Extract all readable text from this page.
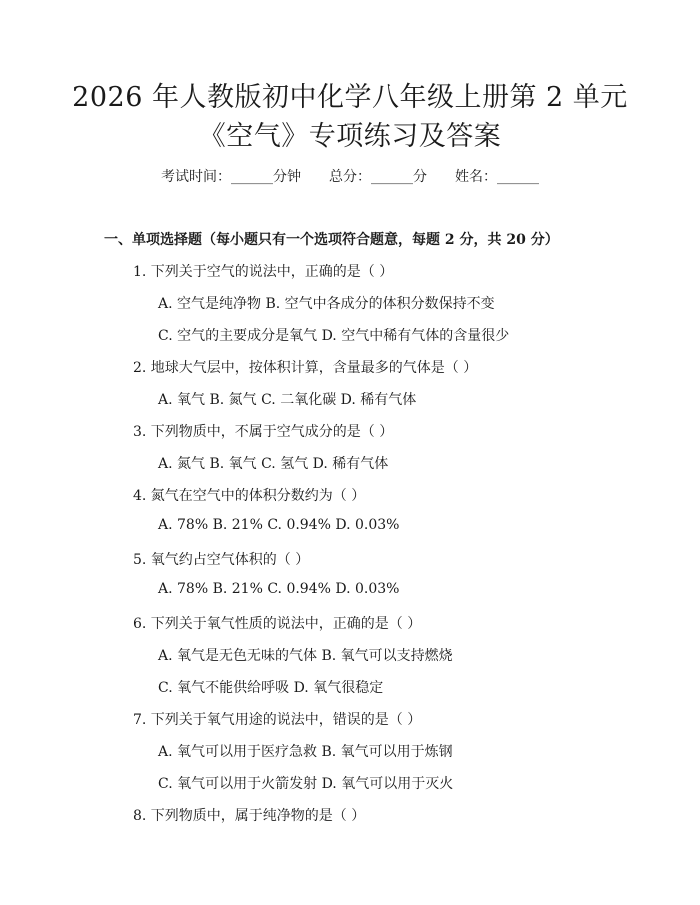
2026 年人教版初中化学八年级上册第 2 单元
《空气》专项练习及答案
考试时间：______分钟 总分：______分 姓名：______
一、单项选择题（每小题只有一个选项符合题意，每题 2 分，共 20 分）
1. 下列关于空气的说法中，正确的是（ ）
A. 空气是纯净物 B. 空气中各成分的体积分数保持不变
C. 空气的主要成分是氧气 D. 空气中稀有气体的含量很少
2. 地球大气层中，按体积计算，含量最多的气体是（ ）
A. 氧气 B. 氮气 C. 二氧化碳 D. 稀有气体
3. 下列物质中，不属于空气成分的是（ ）
A. 氮气 B. 氧气 C. 氢气 D. 稀有气体
4. 氮气在空气中的体积分数约为（ ）
A. 78% B. 21% C. 0.94% D. 0.03%
5. 氧气约占空气体积的（ ）
A. 78% B. 21% C. 0.94% D. 0.03%
6. 下列关于氧气性质的说法中，正确的是（ ）
A. 氧气是无色无味的气体 B. 氧气可以支持燃烧
C. 氧气不能供给呼吸 D. 氧气很稳定
7. 下列关于氧气用途的说法中，错误的是（ ）
A. 氧气可以用于医疗急救 B. 氧气可以用于炼钢
C. 氧气可以用于火箭发射 D. 氧气可以用于灭火
8. 下列物质中，属于纯净物的是（ ）
